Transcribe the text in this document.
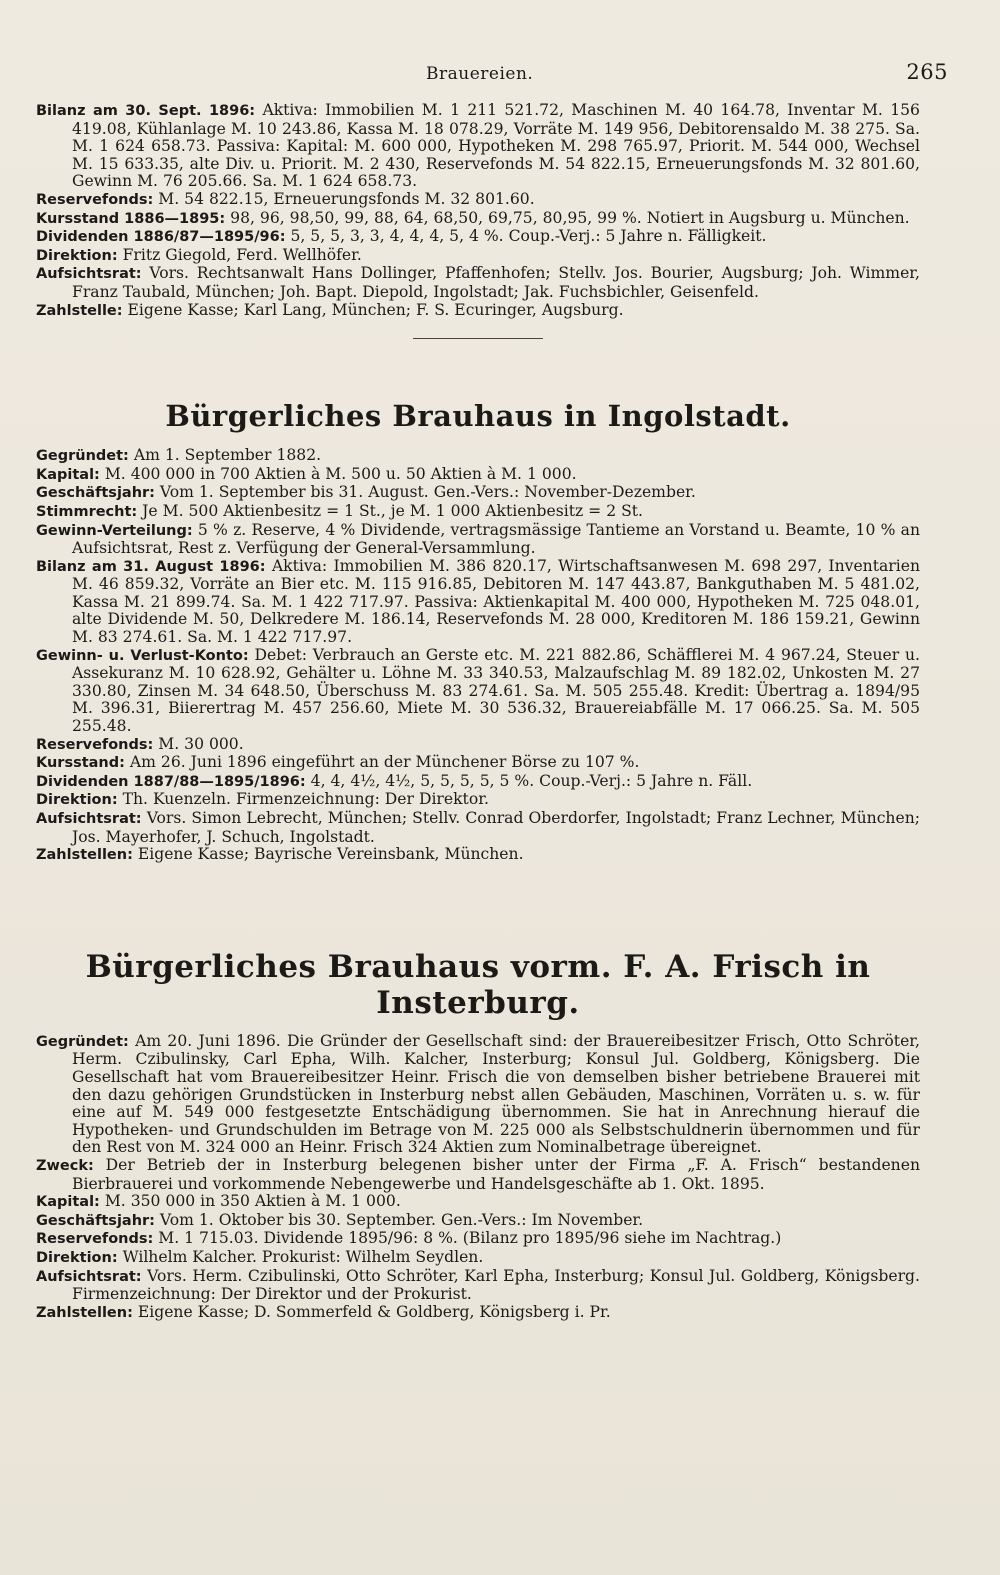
Brauereien.	265

Bilanz am 30. Sept. 1896: Aktiva: Immobilien M. 1 211 521.72, Maschinen M. 40 164.78, Inventar M. 156 419.08, Kühlanlage M. 10 243.86, Kassa M. 18 078.29, Vorräte M. 149 956, Debitorensaldo M. 38 275. Sa. M. 1 624 658.73. Passiva: Kapital: M. 600 000, Hypotheken M. 298 765.97, Priorit. M. 544 000, Wechsel M. 15 633.35, alte Div. u. Priorit. M. 2 430, Reservefonds M. 54 822.15, Erneuerungsfonds M. 32 801.60, Gewinn M. 76 205.66. Sa. M. 1 624 658.73.

Reservefonds: M. 54 822.15, Erneuerungsfonds M. 32 801.60.

Kursstand 1886—1895: 98, 96, 98,50, 99, 88, 64, 68,50, 69,75, 80,95, 99 %. Notiert in Augsburg u. München.

Dividenden 1886/87—1895/96: 5, 5, 5, 3, 3, 4, 4, 4, 5, 4 %. Coup.-Verj.: 5 Jahre n. Fälligkeit.

Direktion: Fritz Giegold, Ferd. Wellhöfer.

Aufsichtsrat: Vors. Rechtsanwalt Hans Dollinger, Pfaffenhofen; Stellv. Jos. Bourier, Augsburg; Joh. Wimmer, Franz Taubald, München; Joh. Bapt. Diepold, Ingolstadt; Jak. Fuchsbichler, Geisenfeld.

Zahlstelle: Eigene Kasse; Karl Lang, München; F. S. Ecuringer, Augsburg.

Bürgerliches Brauhaus in Ingolstadt.

Gegründet: Am 1. September 1882.

Kapital: M. 400 000 in 700 Aktien à M. 500 u. 50 Aktien à M. 1 000.

Geschäftsjahr: Vom 1. September bis 31. August. Gen.-Vers.: November-Dezember.

Stimmrecht: Je M. 500 Aktienbesitz = 1 St., je M. 1 000 Aktienbesitz = 2 St.

Gewinn-Verteilung: 5 % z. Reserve, 4 % Dividende, vertragsmässige Tantieme an Vorstand u. Beamte, 10 % an Aufsichtsrat, Rest z. Verfügung der General-Versammlung.

Bilanz am 31. August 1896: Aktiva: Immobilien M. 386 820.17, Wirtschaftsanwesen M. 698 297, Inventarien M. 46 859.32, Vorräte an Bier etc. M. 115 916.85, Debitoren M. 147 443.87, Bankguthaben M. 5 481.02, Kassa M. 21 899.74. Sa. M. 1 422 717.97. Passiva: Aktienkapital M. 400 000, Hypotheken M. 725 048.01, alte Dividende M. 50, Delkredere M. 186.14, Reservefonds M. 28 000, Kreditoren M. 186 159.21, Gewinn M. 83 274.61. Sa. M. 1 422 717.97.

Gewinn- u. Verlust-Konto: Debet: Verbrauch an Gerste etc. M. 221 882.86, Schäfflerei M. 4 967.24, Steuer u. Assekuranz M. 10 628.92, Gehälter u. Löhne M. 33 340.53, Malzaufschlag M. 89 182.02, Unkosten M. 27 330.80, Zinsen M. 34 648.50, Überschuss M. 83 274.61. Sa. M. 505 255.48. Kredit: Übertrag a. 1894/95 M. 396.31, Biierertrag M. 457 256.60, Miete M. 30 536.32, Brauereiabfälle M. 17 066.25. Sa. M. 505 255.48.

Reservefonds: M. 30 000.

Kursstand: Am 26. Juni 1896 eingeführt an der Münchener Börse zu 107 %.

Dividenden 1887/88—1895/1896: 4, 4, 4½, 4½, 5, 5, 5, 5, 5 %. Coup.-Verj.: 5 Jahre n. Fäll.

Direktion: Th. Kuenzeln. Firmenzeichnung: Der Direktor.

Aufsichtsrat: Vors. Simon Lebrecht, München; Stellv. Conrad Oberdorfer, Ingolstadt; Franz Lechner, München; Jos. Mayerhofer, J. Schuch, Ingolstadt.

Zahlstellen: Eigene Kasse; Bayrische Vereinsbank, München.

Bürgerliches Brauhaus vorm. F. A. Frisch in Insterburg.

Gegründet: Am 20. Juni 1896. Die Gründer der Gesellschaft sind: der Brauereibesitzer Frisch, Otto Schröter, Herm. Czibulinsky, Carl Epha, Wilh. Kalcher, Insterburg; Konsul Jul. Goldberg, Königsberg. Die Gesellschaft hat vom Brauereibesitzer Heinr. Frisch die von demselben bisher betriebene Brauerei mit den dazu gehörigen Grundstücken in Insterburg nebst allen Gebäuden, Maschinen, Vorräten u. s. w. für eine auf M. 549 000 festgesetzte Entschädigung übernommen. Sie hat in Anrechnung hierauf die Hypotheken- und Grundschulden im Betrage von M. 225 000 als Selbstschuldnerin übernommen und für den Rest von M. 324 000 an Heinr. Frisch 324 Aktien zum Nominalbetrage übereignet.

Zweck: Der Betrieb der in Insterburg belegenen bisher unter der Firma „F. A. Frisch“ bestandenen Bierbrauerei und vorkommende Nebengewerbe und Handelsgeschäfte ab 1. Okt. 1895.

Kapital: M. 350 000 in 350 Aktien à M. 1 000.

Geschäftsjahr: Vom 1. Oktober bis 30. September. Gen.-Vers.: Im November.

Reservefonds: M. 1 715.03. Dividende 1895/96: 8 %. (Bilanz pro 1895/96 siehe im Nachtrag.)

Direktion: Wilhelm Kalcher. Prokurist: Wilhelm Seydlen.

Aufsichtsrat: Vors. Herm. Czibulinski, Otto Schröter, Karl Epha, Insterburg; Konsul Jul. Goldberg, Königsberg. Firmenzeichnung: Der Direktor und der Prokurist.

Zahlstellen: Eigene Kasse; D. Sommerfeld & Goldberg, Königsberg i. Pr.
